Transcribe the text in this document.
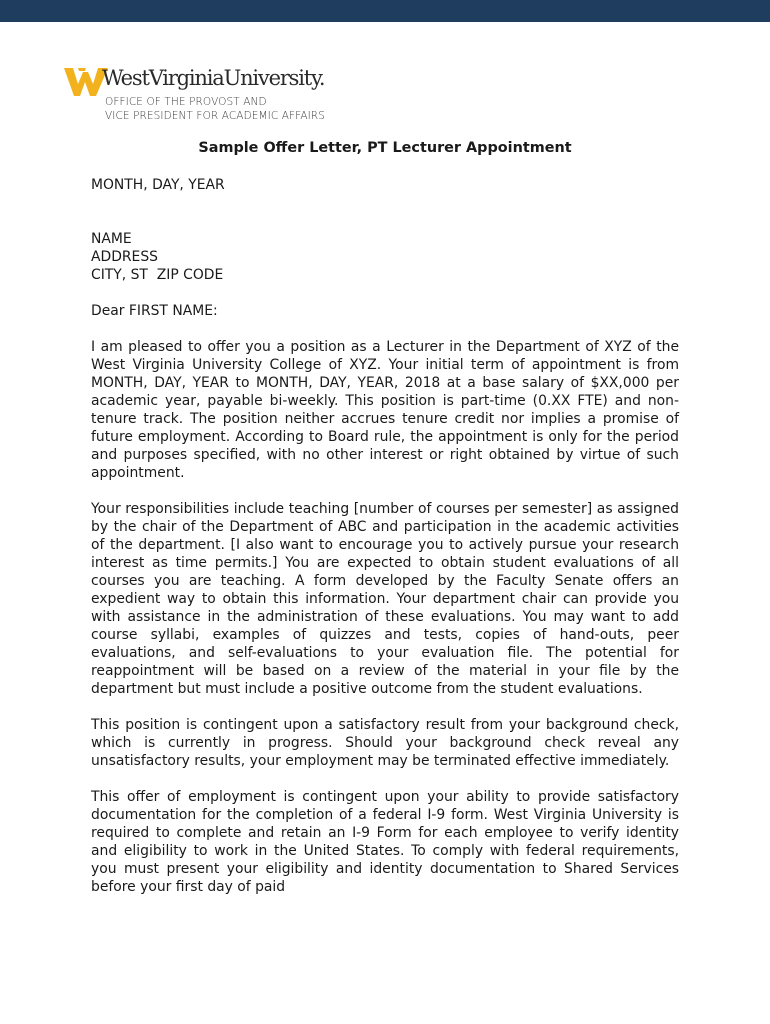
WestVirginiaUniversity.
OFFICE OF THE PROVOST AND
VICE PRESIDENT FOR ACADEMIC AFFAIRS
Sample Offer Letter, PT Lecturer Appointment

MONTH, DAY, YEAR

NAME

ADDRESS

CITY, ST  ZIP CODE

Dear FIRST NAME:

I am pleased to offer you a position as a Lecturer in the Department of XYZ of the West Virginia University College of XYZ. Your initial term of appointment is from MONTH, DAY, YEAR to MONTH, DAY, YEAR, 2018 at a base salary of $XX,000 per academic year, payable bi-weekly. This position is part-time (0.XX FTE) and non-tenure track. The position neither accrues tenure credit nor implies a promise of future employment. According to Board rule, the appointment is only for the period and purposes specified, with no other interest or right obtained by virtue of such appointment.

Your responsibilities include teaching [number of courses per semester] as assigned by the chair of the Department of ABC and participation in the academic activities of the department. [I also want to encourage you to actively pursue your research interest as time permits.] You are expected to obtain student evaluations of all courses you are teaching. A form developed by the Faculty Senate offers an expedient way to obtain this information. Your department chair can provide you with assistance in the administration of these evaluations. You may want to add course syllabi, examples of quizzes and tests, copies of hand-outs, peer evaluations, and self-evaluations to your evaluation file. The potential for reappointment will be based on a review of the material in your file by the department but must include a positive outcome from the student evaluations.

This position is contingent upon a satisfactory result from your background check, which is currently in progress. Should your background check reveal any unsatisfactory results, your employment may be terminated effective immediately.

This offer of employment is contingent upon your ability to provide satisfactory documentation for the completion of a federal I-9 form. West Virginia University is required to complete and retain an I-9 Form for each employee to verify identity and eligibility to work in the United States. To comply with federal requirements, you must present your eligibility and identity documentation to Shared Services before your first day of paid
